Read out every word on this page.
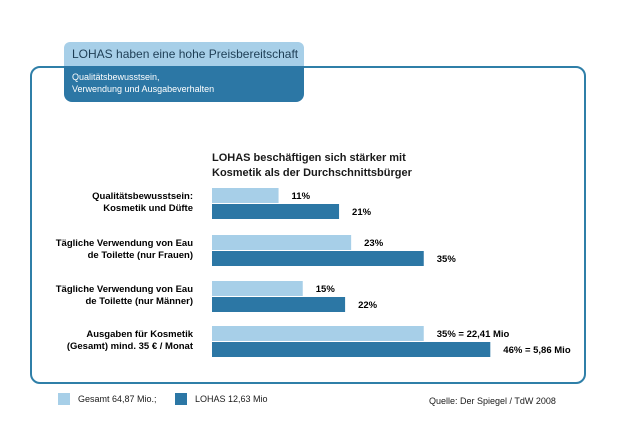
LOHAS haben eine hohe Preisbereitschaft
Qualitätsbewusstsein,
Verwendung und Ausgabeverhalten
LOHAS beschäftigen sich stärker mit
Kosmetik als der Durchschnittsbürger
Qualitätsbewusstsein: Kosmetik und Düfte
11%
21%
Tägliche Verwendung von Eau de Toilette (nur Frauen)
23%
35%
Tägliche Verwendung von Eau de Toilette (nur Männer)
15%
22%
Ausgaben für Kosmetik (Gesamt) mind. 35 € / Monat
35% = 22,41 Mio
46% = 5,86 Mio
Gesamt 64,87 Mio.;	LOHAS 12,63 Mio	Quelle: Der Spiegel / TdW 2008
